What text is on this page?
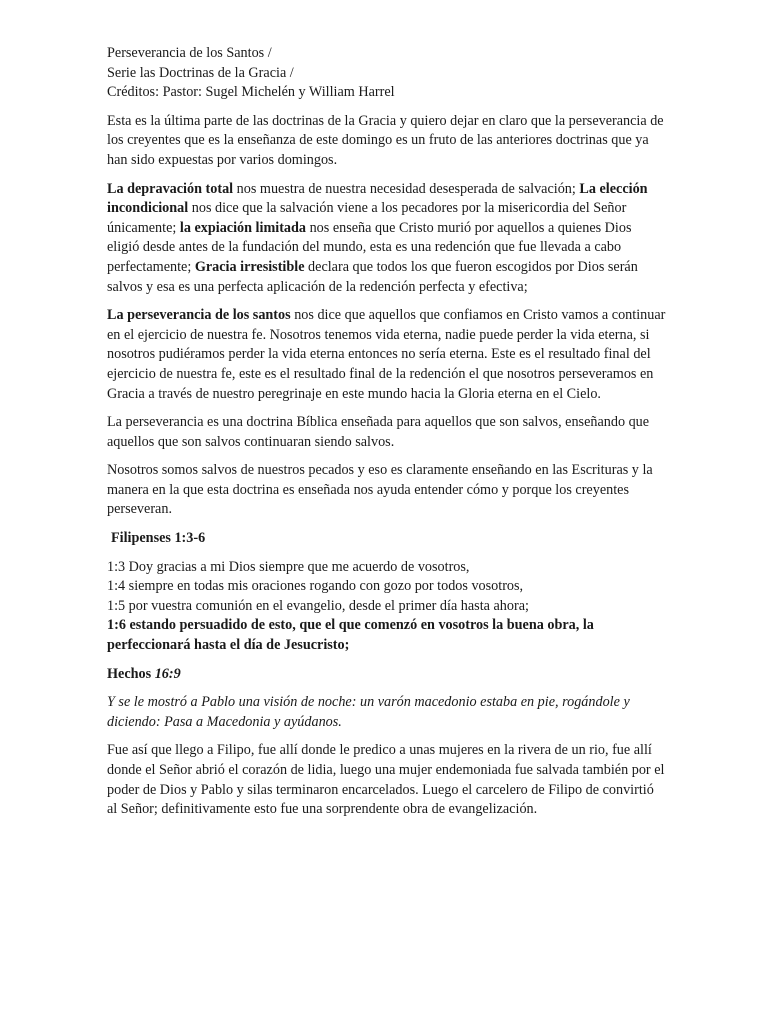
Perseverancia de los Santos /
Serie las Doctrinas de la Gracia /
Créditos: Pastor: Sugel Michelén y William Harrel

Esta es la última parte de las doctrinas de la Gracia y quiero dejar en claro que la perseverancia de los creyentes que es la enseñanza de este domingo es un fruto de las anteriores doctrinas que ya han sido expuestas por varios domingos.

La depravación total nos muestra de nuestra necesidad desesperada de salvación; La elección incondicional nos dice que la salvación viene a los pecadores por la misericordia del Señor únicamente; la expiación limitada nos enseña que Cristo murió por aquellos a quienes Dios eligió desde antes de la fundación del mundo, esta es una redención que fue llevada a cabo perfectamente; Gracia irresistible declara que todos los que fueron escogidos por Dios serán salvos y esa es una perfecta aplicación de la redención perfecta y efectiva;

La perseverancia de los santos nos dice que aquellos que confiamos en Cristo vamos a continuar en el ejercicio de nuestra fe. Nosotros tenemos vida eterna, nadie puede perder la vida eterna, si nosotros pudiéramos perder la vida eterna entonces no sería eterna. Este es el resultado final del ejercicio de nuestra fe, este es el resultado final de la redención el que nosotros perseveramos en Gracia a través de nuestro peregrinaje en este mundo hacia la Gloria eterna en el Cielo.

La perseverancia es una doctrina Bíblica enseñada para aquellos que son salvos, enseñando que aquellos que son salvos continuaran siendo salvos.

Nosotros somos salvos de nuestros pecados y eso es claramente enseñando en las Escrituras y la manera en la que esta doctrina es enseñada nos ayuda entender cómo y porque los creyentes perseveran.

Filipenses 1:3-6
1:3 Doy gracias a mi Dios siempre que me acuerdo de vosotros,
1:4 siempre en todas mis oraciones rogando con gozo por todos vosotros,
1:5 por vuestra comunión en el evangelio, desde el primer día hasta ahora;
1:6 estando persuadido de esto, que el que comenzó en vosotros la buena obra, la perfeccionará hasta el día de Jesucristo;
Hechos 16:9

Y se le mostró a Pablo una visión de noche: un varón macedonio estaba en pie, rogándole y diciendo: Pasa a Macedonia y ayúdanos.

Fue así que llego a Filipo, fue allí donde le predico a unas mujeres en la rivera de un rio, fue allí donde el Señor abrió el corazón de lidia, luego una mujer endemoniada fue salvada también por el poder de Dios y Pablo y silas terminaron encarcelados. Luego el carcelero de Filipo de convirtió al Señor; definitivamente esto fue una sorprendente obra de evangelización.
